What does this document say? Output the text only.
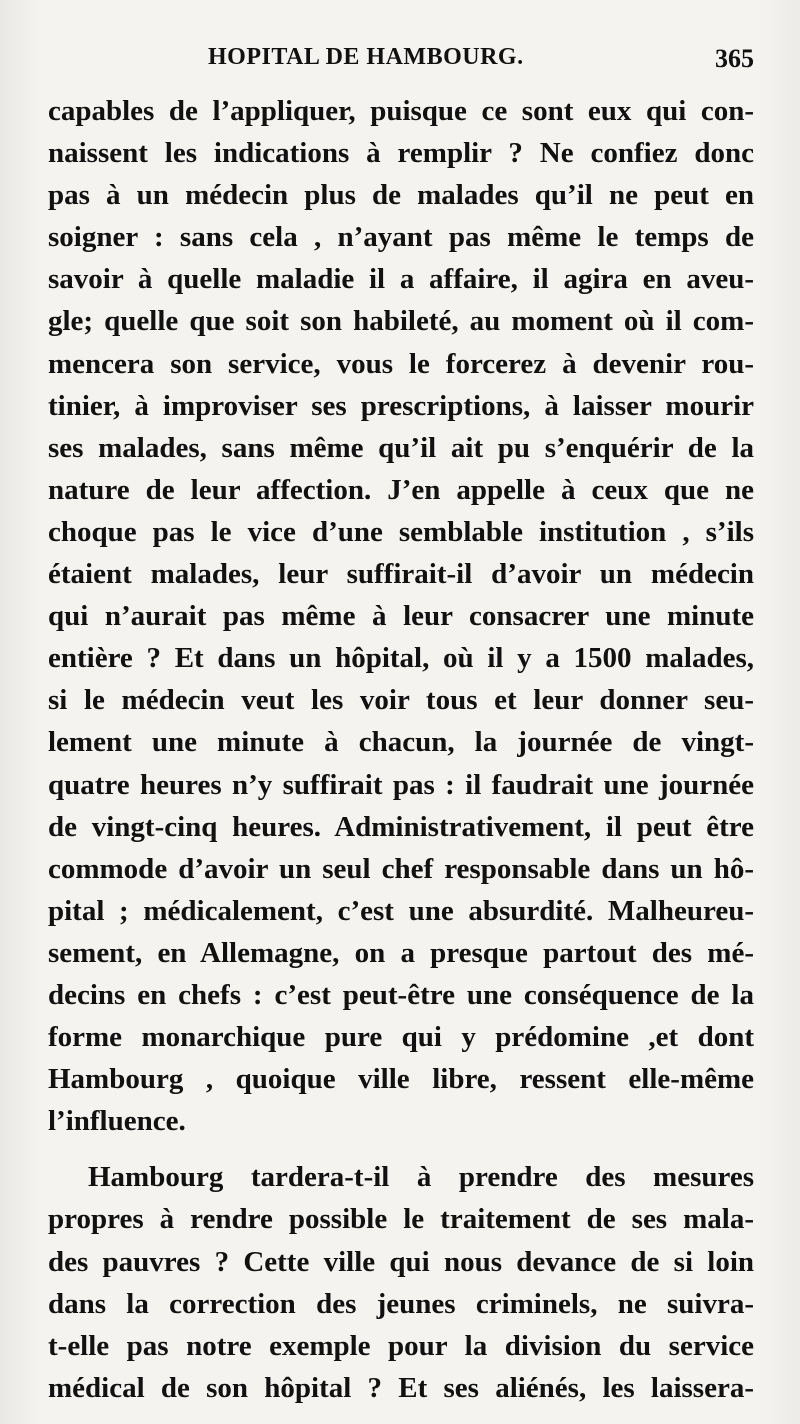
HOPITAL DE HAMBOURG.	365
capables de l’appliquer, puisque ce sont eux qui con-
naissent les indications à remplir ? Ne confiez donc
pas à un médecin plus de malades qu’il ne peut en
soigner : sans cela , n’ayant pas même le temps de
savoir à quelle maladie il a affaire, il agira en aveu-
gle; quelle que soit son habileté, au moment où il com-
mencera son service, vous le forcerez à devenir rou-
tinier, à improviser ses prescriptions, à laisser mourir
ses malades, sans même qu’il ait pu s’enquérir de la
nature de leur affection. J’en appelle à ceux que ne
choque pas le vice d’une semblable institution , s’ils
étaient malades, leur suffirait-il d’avoir un médecin
qui n’aurait pas même à leur consacrer une minute
entière ? Et dans un hôpital, où il y a 1500 malades,
si le médecin veut les voir tous et leur donner seu-
lement une minute à chacun, la journée de vingt-
quatre heures n’y suffirait pas : il faudrait une journée
de vingt-cinq heures. Administrativement, il peut être
commode d’avoir un seul chef responsable dans un hô-
pital ; médicalement, c’est une absurdité. Malheureu-
sement, en Allemagne, on a presque partout des mé-
decins en chefs : c’est peut-être une conséquence de la
forme monarchique pure qui y prédomine ,et dont
Hambourg , quoique ville libre, ressent elle-même
l’influence.
Hambourg tardera-t-il à prendre des mesures
propres à rendre possible le traitement de ses mala-
des pauvres ? Cette ville qui nous devance de si loin
dans la correction des jeunes criminels, ne suivra-
t-elle pas notre exemple pour la division du service
médical de son hôpital ? Et ses aliénés, les laissera-
